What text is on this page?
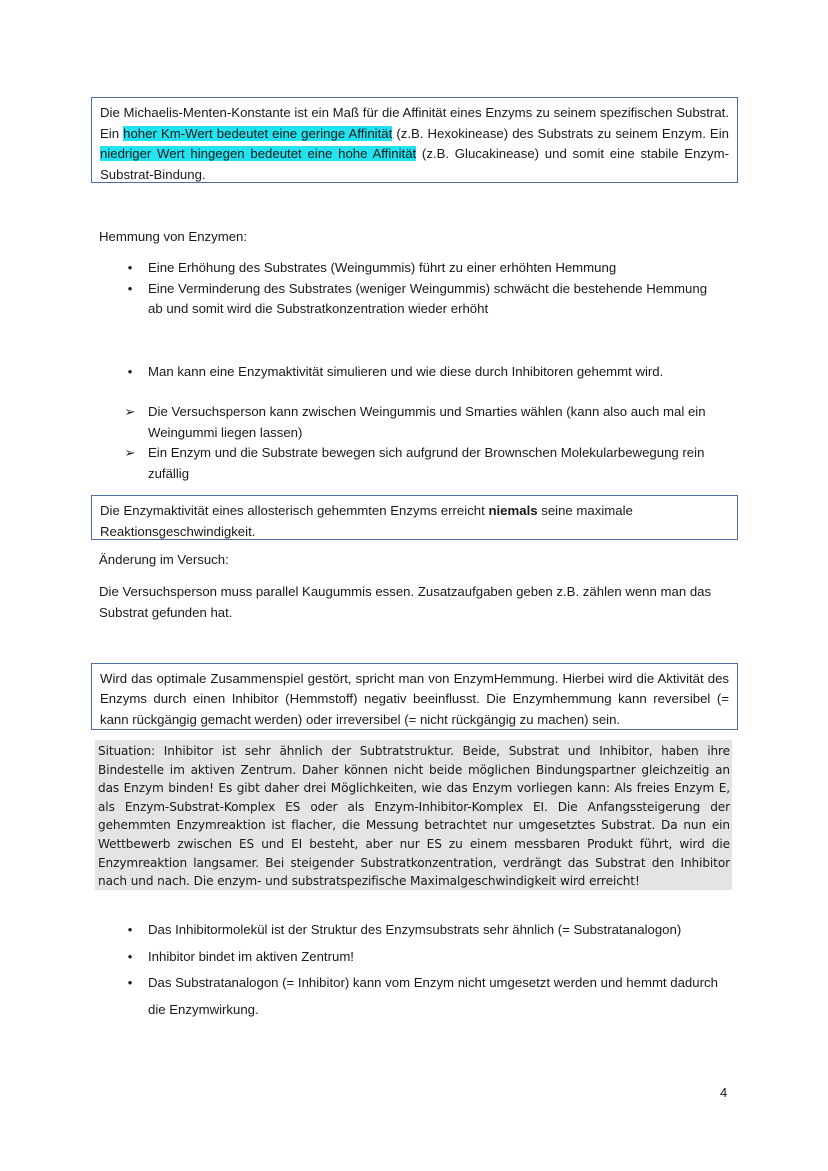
Die Michaelis-Menten-Konstante ist ein Maß für die Affinität eines Enzyms zu seinem spezifischen Substrat. Ein hoher Km-Wert bedeutet eine geringe Affinität (z.B. Hexokinease) des Substrats zu seinem Enzym. Ein niedriger Wert hingegen bedeutet eine hohe Affinität (z.B. Glucakinease) und somit eine stabile Enzym-Substrat-Bindung.
Hemmung von Enzymen:
•	Eine Erhöhung des Substrates (Weingummis) führt zu einer erhöhten Hemmung
•	Eine Verminderung des Substrates (weniger Weingummis) schwächt die bestehende Hemmung ab und somit wird die Substratkonzentration wieder erhöht
•	Man kann eine Enzymaktivität simulieren und wie diese durch Inhibitoren gehemmt wird.
➢ Die Versuchsperson kann zwischen Weingummis und Smarties wählen (kann also auch mal ein Weingummi liegen lassen)
➢ Ein Enzym und die Substrate bewegen sich aufgrund der Brownschen Molekularbewegung rein zufällig
Die Enzymaktivität eines allosterisch gehemmten Enzyms erreicht niemals seine maximale Reaktionsgeschwindigkeit.
Änderung im Versuch:
Die Versuchsperson muss parallel Kaugummis essen. Zusatzaufgaben geben z.B. zählen wenn man das Substrat gefunden hat.
Wird das optimale Zusammenspiel gestört, spricht man von EnzymHemmung. Hierbei wird die Aktivität des Enzyms durch einen Inhibitor (Hemmstoff) negativ beeinflusst. Die Enzymhemmung kann reversibel (= kann rückgängig gemacht werden) oder irreversibel (= nicht rückgängig zu machen) sein.
Situation: Inhibitor ist sehr ähnlich der Subtratstruktur. Beide, Substrat und Inhibitor, haben ihre Bindestelle im aktiven Zentrum. Daher können nicht beide möglichen Bindungspartner gleichzeitig an das Enzym binden! Es gibt daher drei Möglichkeiten, wie das Enzym vorliegen kann: Als freies Enzym E, als Enzym-Substrat-Komplex ES oder als Enzym-Inhibitor-Komplex EI. Die Anfangssteigerung der gehemmten Enzymreaktion ist flacher, die Messung betrachtet nur umgesetztes Substrat. Da nun ein Wettbewerb zwischen ES und EI besteht, aber nur ES zu einem messbaren Produkt führt, wird die Enzymreaktion langsamer. Bei steigender Substratkonzentration, verdrängt das Substrat den Inhibitor nach und nach. Die enzym- und substratspezifische Maximalgeschwindigkeit wird erreicht!
•	Das Inhibitormolekül ist der Struktur des Enzymsubstrats sehr ähnlich (= Substratanalogon)
•	Inhibitor bindet im aktiven Zentrum!
•	Das Substratanalogon (= Inhibitor) kann vom Enzym nicht umgesetzt werden und hemmt dadurch die Enzymwirkung.
4
